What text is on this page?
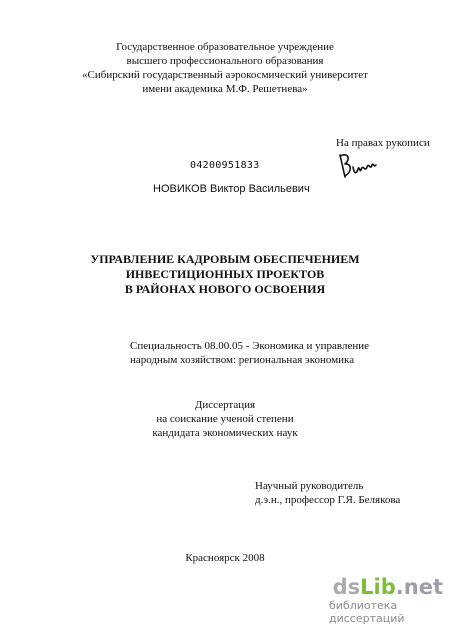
Государственное образовательное учреждение
высшего профессионального образования
«Сибирский государственный аэрокосмический университет
имени академика М.Ф. Решетнева»
На правах рукописи
04200951833
НОВИКОВ Виктор Васильевич
УПРАВЛЕНИЕ КАДРОВЫМ ОБЕСПЕЧЕНИЕМ
ИНВЕСТИЦИОННЫХ ПРОЕКТОВ
В РАЙОНАХ НОВОГО ОСВОЕНИЯ
Специальность 08.00.05 - Экономика и управление
народным хозяйством: региональная экономика
Диссертация
на соискание ученой степени
кандидата экономических наук
Научный руководитель
д.э.н., профессор Г.Я. Белякова
Красноярск 2008
dsLib.net
библиотека диссертаций
